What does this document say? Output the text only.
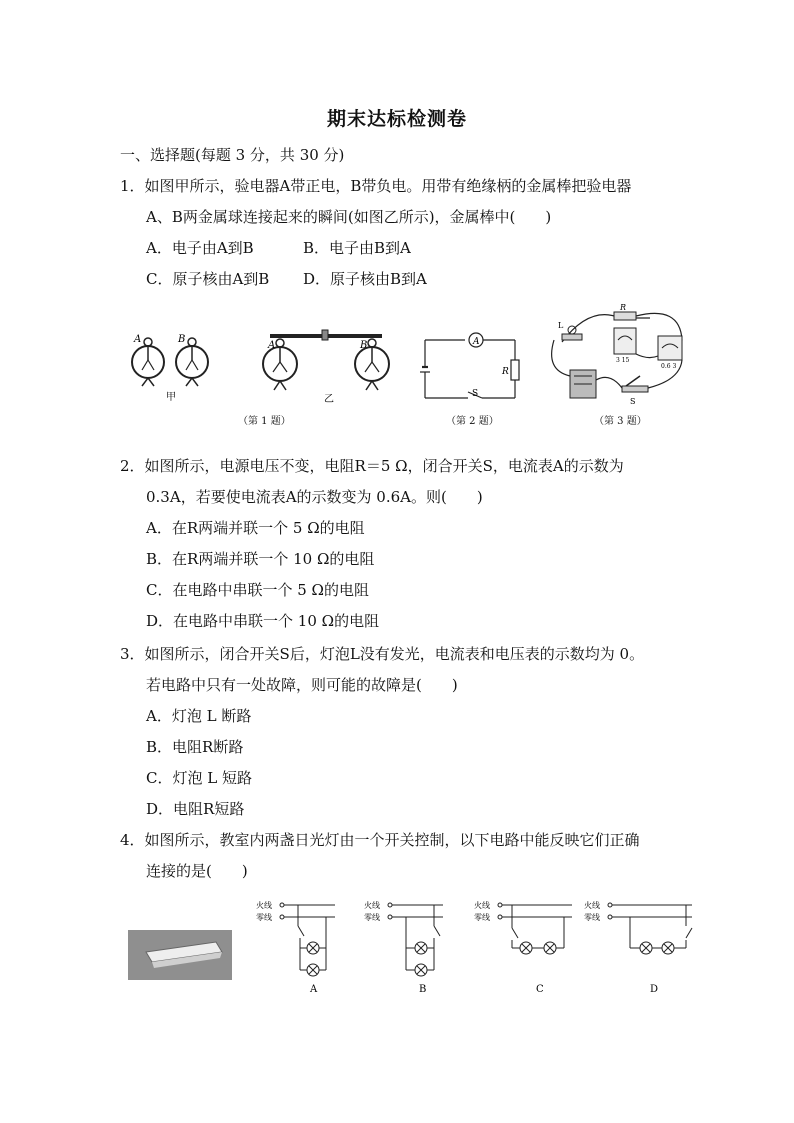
期末达标检测卷
一、选择题(每题 3 分，共 30 分)
1．如图甲所示，验电器A带正电，B带负电。用带有绝缘柄的金属棒把验电器
A、B两金属球连接起来的瞬间(如图乙所示)，金属棒中(　　)
A．电子由A到B	B．电子由B到A
C．原子核由A到B D．原子核由B到A
A	B
甲
A	B
乙
A
R
S
R
L
3 15
0.6 3
S
（第 1 题）	（第 2 题）	（第 3 题）
2．如图所示，电源电压不变，电阻R＝5 Ω，闭合开关S，电流表A的示数为
0.3A，若要使电流表A的示数变为 0.6A。则(　　)
A．在R两端并联一个 5 Ω的电阻
B．在R两端并联一个 10 Ω的电阻
C．在电路中串联一个 5 Ω的电阻
D．在电路中串联一个 10 Ω的电阻
3．如图所示，闭合开关S后，灯泡L没有发光，电流表和电压表的示数均为 0。
若电路中只有一处故障，则可能的故障是(　　)
A．灯泡 L 断路
B．电阻R断路
C．灯泡 L 短路
D．电阻R短路
4．如图所示，教室内两盏日光灯由一个开关控制，以下电路中能反映它们正确
连接的是(　　)
火线
零线
火线
零线
火线
零线
火线
零线
A	B	C	D
